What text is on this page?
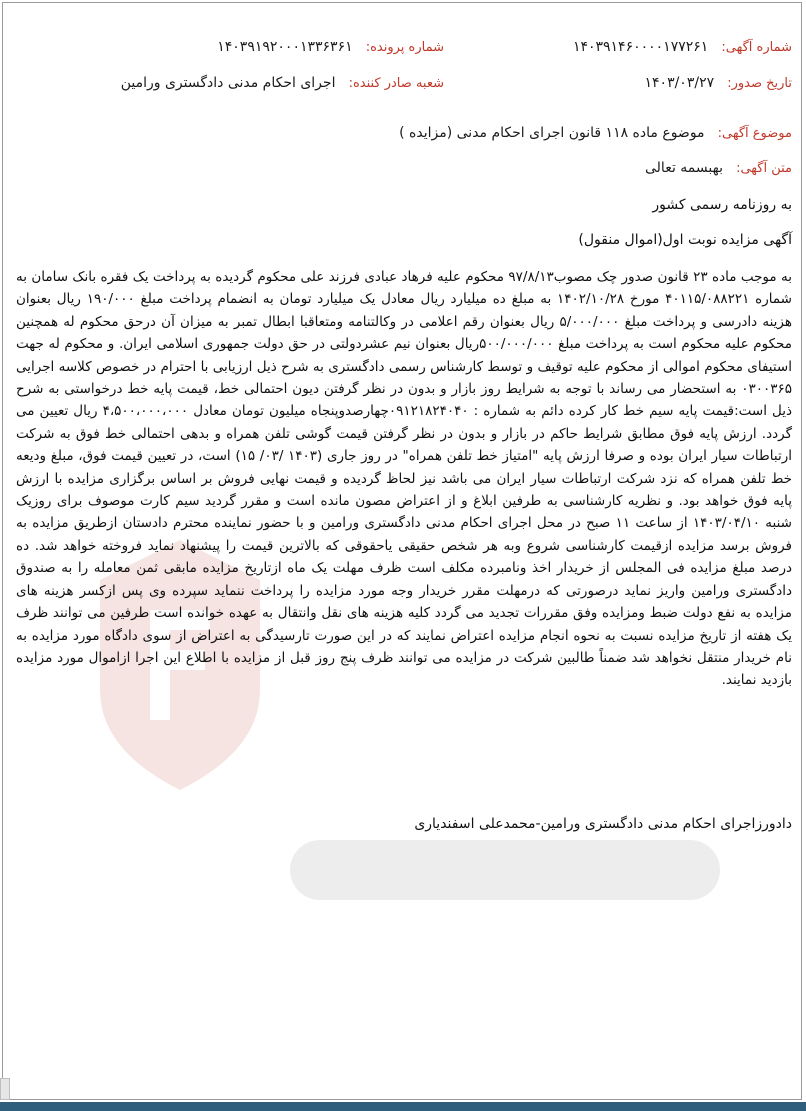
شماره آگهی: ۱۴۰۳۹۱۴۶۰۰۰۰۱۷۷۲۶۱
شماره پرونده: ۱۴۰۳۹۱۹۲۰۰۰۱۳۳۶۳۶۱
تاریخ صدور: ۱۴۰۳/۰۳/۲۷
شعبه صادر کننده: اجرای احکام مدنی دادگستری ورامین
موضوع آگهی: موضوع ماده ۱۱۸ قانون اجرای احکام مدنی (مزایده )
متن آگهی: بهبسمه تعالی
به روزنامه رسمی کشور
آگهی مزایده نوبت اول(اموال منقول)

به موجب ماده ۲۳ قانون صدور چک مصوب۹۷/۸/۱۳ محکوم علیه فرهاد عبادی فرزند علی محکوم گردیده به پرداخت یک فقره بانک سامان به شماره ۴۰۱۱۵/۰۸۸۲۲۱ مورخ ۱۴۰۲/۱۰/۲۸ به مبلغ ده میلیارد ریال معادل یک میلیارد تومان به انضمام پرداخت مبلغ ۱۹۰/۰۰۰ ریال بعنوان هزینه دادرسی و پرداخت مبلغ ۵/۰۰۰/۰۰۰ ریال بعنوان رقم اعلامی در وکالتنامه ومتعاقبا ابطال تمبر به میزان آن درحق محکوم له همچنین محکوم علیه محکوم است به پرداخت مبلغ ۵۰۰/۰۰۰/۰۰۰ریال بعنوان نیم عشردولتی در حق دولت جمهوری اسلامی ایران. و محکوم له جهت استیفای محکوم اموالی از محکوم علیه توقیف و توسط کارشناس رسمی دادگستری به شرح ذیل ارزیابی با احترام در خصوص کلاسه اجرایی ۰۳۰۰۳۶۵ به استحضار می رساند با توجه به شرایط روز بازار و بدون در نظر گرفتن دیون احتمالی خط، قیمت پایه خط درخواستی به شرح ذیل است:قیمت پایه سیم خط کار کرده دائم به شماره : ۰۹۱۲۱۸۲۴۰۴۰چهارصدوپنجاه میلیون تومان معادل ۴،۵۰۰،۰۰۰،۰۰۰ ریال تعیین می گردد. ارزش پایه فوق مطابق شرایط حاکم در بازار و بدون در نظر گرفتن قیمت گوشی تلفن همراه و بدهی احتمالی خط فوق به شرکت ارتباطات سیار ایران بوده و صرفا ارزش پایه "امتیاز خط تلفن همراه" در روز جاری (۱۴۰۳ /۰۳/ ۱۵) است، در تعیین قیمت فوق، مبلغ ودیعه خط تلفن همراه که نزد شرکت ارتباطات سیار ایران می باشد نیز لحاظ گردیده و قیمت نهایی فروش بر اساس برگزاری مزایده با ارزش پایه فوق خواهد بود. و نظریه کارشناسی به طرفین ابلاغ و از اعتراض مصون مانده است و مقرر گردید سیم کارت موصوف برای روزیک شنبه ۱۴۰۳/۰۴/۱۰ از ساعت ۱۱ صبح در محل اجرای احکام مدنی دادگستری ورامین و با حضور نماینده محترم دادستان ازطریق مزایده به فروش برسد مزایده ازقیمت کارشناسی شروع وبه هر شخص حقیقی یاحقوقی که بالاترین قیمت را پیشنهاد نماید فروخته خواهد شد. ده درصد مبلغ مزایده فی المجلس از خریدار اخذ ونامبرده مکلف است ظرف مهلت یک ماه ازتاریخ مزایده مابقی ثمن معامله را به صندوق دادگستری ورامین واریز نماید درصورتی که درمهلت مقرر خریدار وجه مورد مزایده را پرداخت ننماید سپرده وی پس ازکسر هزینه های مزایده به نفع دولت ضبط ومزایده وفق مقررات تجدید می گردد کلیه هزینه های نقل وانتقال به عهده خوانده است طرفین می توانند ظرف یک هفته از تاریخ مزایده نسبت به نحوه انجام مزایده اعتراض نمایند که در این صورت تارسیدگی به اعتراض از سوی دادگاه مورد مزایده به نام خریدار منتقل نخواهد شد ضمناً طالبین شرکت در مزایده می توانند ظرف پنج روز قبل از مزایده با اطلاع این اجرا ازاموال مورد مزایده بازدید نمایند.

دادورزاجرای احکام مدنی دادگستری ورامین-محمدعلی اسفندیاری
